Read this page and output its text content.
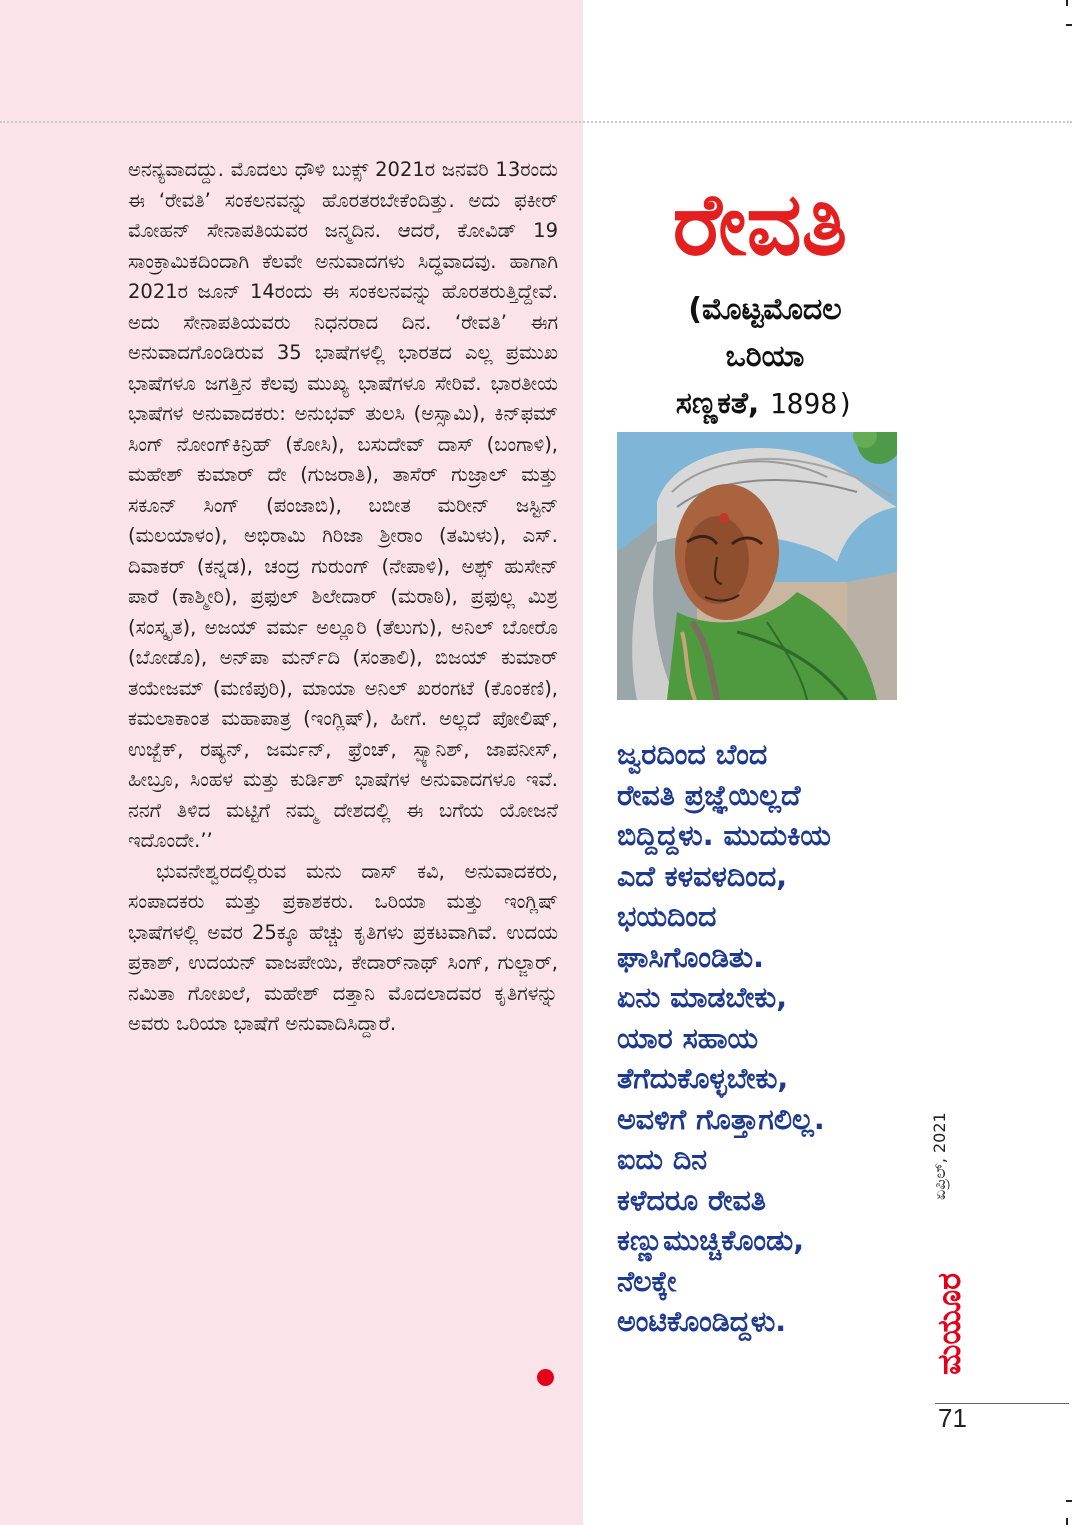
ಅನನ್ಯವಾದದ್ದು. ಮೊದಲು ಧೌಳಿ ಬುಕ್ಸ್ 2021ರ ಜನವರಿ 13ರಂದು ಈ ‘ರೇವತಿ’ ಸಂಕಲನವನ್ನು ಹೊರತರಬೇಕೆಂದಿತ್ತು. ಅದು ಫಕೀರ್ ಮೋಹನ್ ಸೇನಾಪತಿಯವರ ಜನ್ಮದಿನ. ಆದರೆ, ಕೋವಿಡ್ 19 ಸಾಂಕ್ರಾಮಿಕದಿಂದಾಗಿ ಕೆಲವೇ ಅನುವಾದಗಳು ಸಿದ್ಧವಾದವು. ಹಾಗಾಗಿ 2021ರ ಜೂನ್ 14ರಂದು ಈ ಸಂಕಲನವನ್ನು ಹೊರತರುತ್ತಿದ್ದೇವೆ. ಅದು ಸೇನಾಪತಿಯವರು ನಿಧನರಾದ ದಿನ. ‘ರೇವತಿ’ ಈಗ ಅನುವಾದಗೊಂಡಿರುವ 35 ಭಾಷೆಗಳಲ್ಲಿ ಭಾರತದ ಎಲ್ಲ ಪ್ರಮುಖ ಭಾಷೆಗಳೂ ಜಗತ್ತಿನ ಕೆಲವು ಮುಖ್ಯ ಭಾಷೆಗಳೂ ಸೇರಿವೆ. ಭಾರತೀಯ ಭಾಷೆಗಳ ಅನುವಾದಕರು: ಅನುಭವ್ ತುಲಸಿ (ಅಸ್ಸಾಮಿ), ಕಿನ್‌ಫಮ್ ಸಿಂಗ್ ನೋಂಗ್‌ಕಿನ್ರಿಹ್ (ಕೋಸಿ), ಬಸುದೇವ್ ದಾಸ್ (ಬಂಗಾಳಿ), ಮಹೇಶ್ ಕುಮಾರ್ ದೇ (ಗುಜರಾತಿ), ತಾಸೆರ್ ಗುಜ್ರಾಲ್ ಮತ್ತು ಸಕೂನ್ ಸಿಂಗ್ (ಪಂಜಾಬಿ), ಬಬೀತ ಮರೀನ್ ಜಸ್ಟಿನ್ (ಮಲಯಾಳಂ), ಅಭಿರಾಮಿ ಗಿರಿಜಾ ಶ್ರೀರಾಂ (ತಮಿಳು), ಎಸ್. ದಿವಾಕರ್ (ಕನ್ನಡ), ಚಂದ್ರ ಗುರುಂಗ್ (ನೇಪಾಳಿ), ಅಶ್ಫ್ ಹುಸೇನ್ ಪಾರೆ (ಕಾಶ್ಮೀರಿ), ಪ್ರಫುಲ್ ಶಿಲೇದಾರ್ (ಮರಾಠಿ), ಪ್ರಫುಲ್ಲ ಮಿಶ್ರ (ಸಂಸ್ಕೃತ), ಅಜಯ್ ವರ್ಮ ಅಲ್ಲೂರಿ (ತೆಲುಗು), ಅನಿಲ್ ಬೋರೊ (ಬೋಡೊ), ಅನ್‌ಪಾ ಮರ್ನ್‌ದಿ (ಸಂತಾಲಿ), ಬಿಜಯ್ ಕುಮಾರ್ ತಯೇಜಮ್ (ಮಣಿಪುರಿ), ಮಾಯಾ ಅನಿಲ್ ಖರಂಗಟೆ (ಕೊಂಕಣಿ), ಕಮಲಾಕಾಂತ ಮಹಾಪಾತ್ರ (ಇಂಗ್ಲಿಷ್), ಹೀಗೆ. ಅಲ್ಲದೆ ಪೋಲಿಷ್, ಉಜ್ಬೆಕ್, ರಷ್ಯನ್, ಜರ್ಮನ್, ಫ್ರೆಂಚ್, ಸ್ಪ್ಯಾನಿಶ್, ಜಾಪನೀಸ್, ಹೀಬ್ರೂ, ಸಿಂಹಳ ಮತ್ತು ಕುರ್ಡಿಶ್ ಭಾಷೆಗಳ ಅನುವಾದಗಳೂ ಇವೆ. ನನಗೆ ತಿಳಿದ ಮಟ್ಟಿಗೆ ನಮ್ಮ ದೇಶದಲ್ಲಿ ಈ ಬಗೆಯ ಯೋಜನೆ ಇದೊಂದೇ.’’

ಭುವನೇಶ್ವರದಲ್ಲಿರುವ ಮನು ದಾಸ್ ಕವಿ, ಅನುವಾದಕರು, ಸಂಪಾದಕರು ಮತ್ತು ಪ್ರಕಾಶಕರು. ಒರಿಯಾ ಮತ್ತು ಇಂಗ್ಲಿಷ್ ಭಾಷೆಗಳಲ್ಲಿ ಅವರ 25ಕ್ಕೂ ಹೆಚ್ಚು ಕೃತಿಗಳು ಪ್ರಕಟವಾಗಿವೆ. ಉದಯ ಪ್ರಕಾಶ್, ಉದಯನ್ ವಾಜಪೇಯಿ, ಕೇದಾರ್‌ನಾಥ್ ಸಿಂಗ್, ಗುಲ್ಜಾರ್, ನಮಿತಾ ಗೋಖಲೆ, ಮಹೇಶ್ ದತ್ತಾನಿ ಮೊದಲಾದವರ ಕೃತಿಗಳನ್ನು ಅವರು ಒರಿಯಾ ಭಾಷೆಗೆ ಅನುವಾದಿಸಿದ್ದಾರೆ.

ರೇವತಿ
(ಮೊಟ್ಟಮೊದಲ
ಒರಿಯಾ
ಸಣ್ಣಕತೆ, 1898)
ಜ್ವರದಿಂದ ಬೆಂದ
ರೇವತಿ ಪ್ರಜ್ಞೆಯಿಲ್ಲದೆ
ಬಿದ್ದಿದ್ದಳು. ಮುದುಕಿಯ
ಎದೆ ಕಳವಳದಿಂದ,
ಭಯದಿಂದ
ಘಾಸಿಗೊಂಡಿತು.
ಏನು ಮಾಡಬೇಕು,
ಯಾರ ಸಹಾಯ
ತೆಗೆದುಕೊಳ್ಳಬೇಕು,
ಅವಳಿಗೆ ಗೊತ್ತಾಗಲಿಲ್ಲ.
ಐದು ದಿನ
ಕಳೆದರೂ ರೇವತಿ
ಕಣ್ಣುಮುಚ್ಚಿಕೊಂಡು,
ನೆಲಕ್ಕೇ
ಅಂಟಿಕೊಂಡಿದ್ದಳು.
ಏಪ್ರಿಲ್, 2021
ಮಯೂರ
71
